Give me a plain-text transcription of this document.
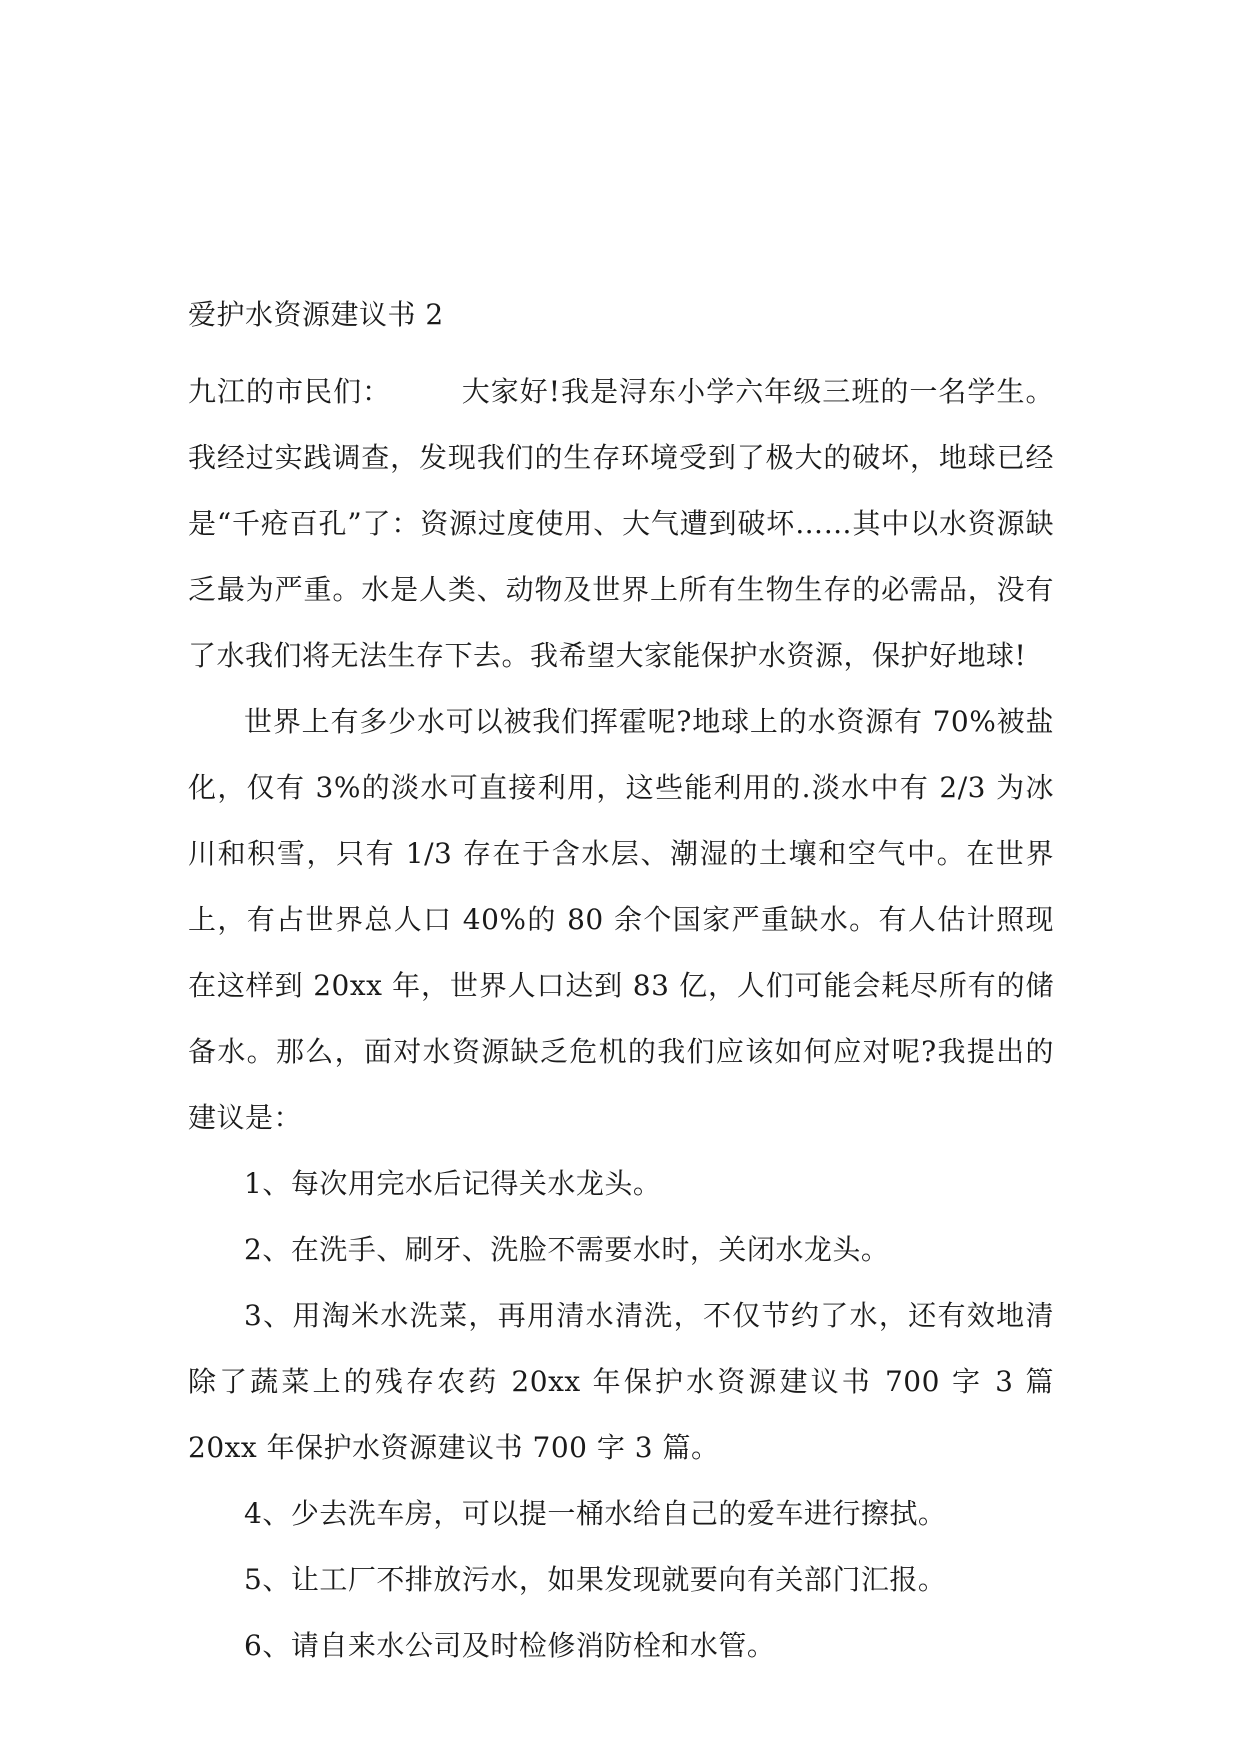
爱护水资源建议书 2

九江的市民们：	大家好!我是浔东小学六年级三班的一名学生。我经过实践调查，发现我们的生存环境受到了极大的破坏，地球已经是“千疮百孔”了：资源过度使用、大气遭到破坏……其中以水资源缺乏最为严重。水是人类、动物及世界上所有生物生存的必需品，没有了水我们将无法生存下去。我希望大家能保护水资源，保护好地球!

世界上有多少水可以被我们挥霍呢?地球上的水资源有 70%被盐化，仅有 3%的淡水可直接利用，这些能利用的.淡水中有 2/3 为冰川和积雪，只有 1/3 存在于含水层、潮湿的土壤和空气中。在世界上，有占世界总人口 40%的 80 余个国家严重缺水。有人估计照现在这样到 20xx 年，世界人口达到 83 亿，人们可能会耗尽所有的储备水。那么，面对水资源缺乏危机的我们应该如何应对呢?我提出的建议是：

1、每次用完水后记得关水龙头。

2、在洗手、刷牙、洗脸不需要水时，关闭水龙头。

3、用淘米水洗菜，再用清水清洗，不仅节约了水，还有效地清除了蔬菜上的残存农药 20xx 年保护水资源建议书 700 字 3 篇 20xx 年保护水资源建议书 700 字 3 篇。

4、少去洗车房，可以提一桶水给自己的爱车进行擦拭。

5、让工厂不排放污水，如果发现就要向有关部门汇报。

6、请自来水公司及时检修消防栓和水管。
